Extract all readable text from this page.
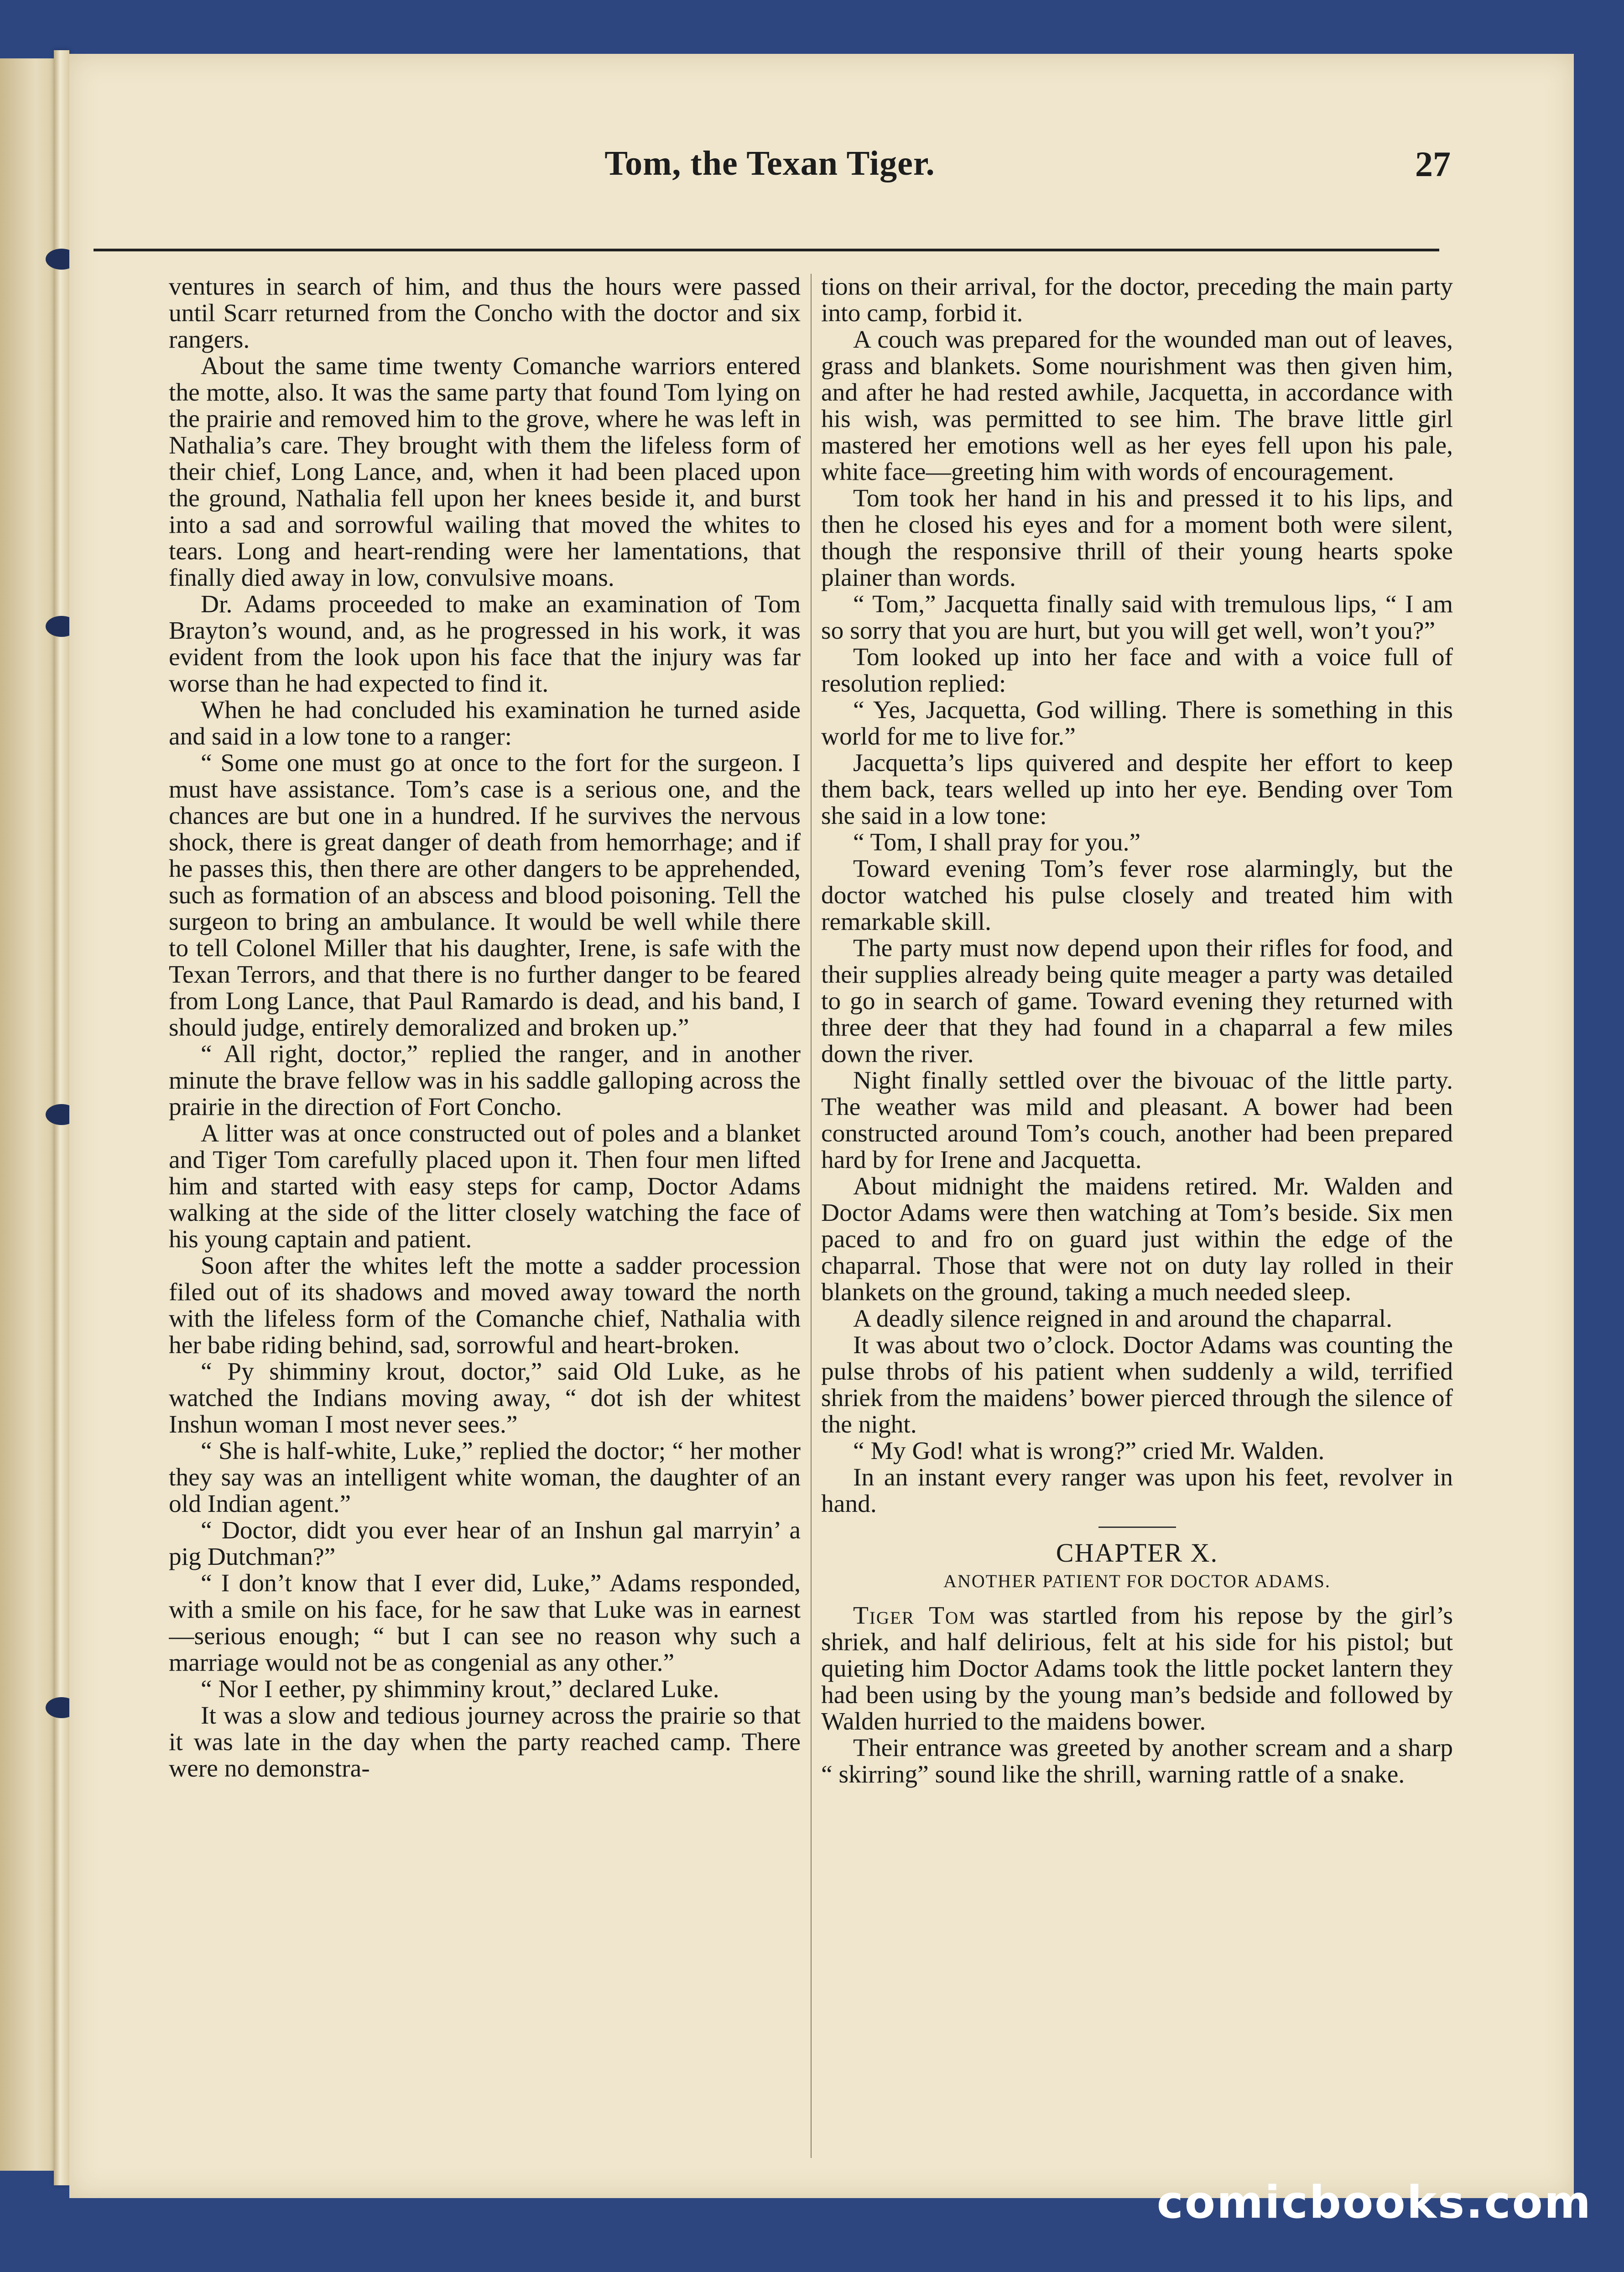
Tom, the Texan Tiger.	27

ventures in search of him, and thus the hours were passed until Scarr returned from the Concho with the doctor and six rangers.

About the same time twenty Comanche warriors entered the motte, also. It was the same party that found Tom lying on the prairie and removed him to the grove, where he was left in Nathalia’s care. They brought with them the lifeless form of their chief, Long Lance, and, when it had been placed upon the ground, Nathalia fell upon her knees beside it, and burst into a sad and sorrowful wailing that moved the whites to tears. Long and heart-rending were her lamentations, that finally died away in low, convulsive moans.

Dr. Adams proceeded to make an examination of Tom Brayton’s wound, and, as he progressed in his work, it was evident from the look upon his face that the injury was far worse than he had expected to find it.

When he had concluded his examination he turned aside and said in a low tone to a ranger:

“ Some one must go at once to the fort for the surgeon. I must have assistance. Tom’s case is a serious one, and the chances are but one in a hundred. If he survives the nervous shock, there is great danger of death from hemorrhage; and if he passes this, then there are other dangers to be apprehended, such as formation of an abscess and blood poisoning. Tell the surgeon to bring an ambulance. It would be well while there to tell Colonel Miller that his daughter, Irene, is safe with the Texan Terrors, and that there is no further danger to be feared from Long Lance, that Paul Ramardo is dead, and his band, I should judge, entirely demoralized and broken up.”

“ All right, doctor,” replied the ranger, and in another minute the brave fellow was in his saddle galloping across the prairie in the direction of Fort Concho.

A litter was at once constructed out of poles and a blanket and Tiger Tom carefully placed upon it. Then four men lifted him and started with easy steps for camp, Doctor Adams walking at the side of the litter closely watching the face of his young captain and patient.

Soon after the whites left the motte a sadder procession filed out of its shadows and moved away toward the north with the lifeless form of the Comanche chief, Nathalia with her babe riding behind, sad, sorrowful and heart-broken.

“ Py shimminy krout, doctor,” said Old Luke, as he watched the Indians moving away, “ dot ish der whitest Inshun woman I most never sees.”

“ She is half-white, Luke,” replied the doctor; “ her mother they say was an intelligent white woman, the daughter of an old Indian agent.”

“ Doctor, didt you ever hear of an Inshun gal marryin’ a pig Dutchman?”

“ I don’t know that I ever did, Luke,” Adams responded, with a smile on his face, for he saw that Luke was in earnest—serious enough; “ but I can see no reason why such a marriage would not be as congenial as any other.”

“ Nor I eether, py shimminy krout,” declared Luke.

It was a slow and tedious journey across the prairie so that it was late in the day when the party reached camp. There were no demonstra-

tions on their arrival, for the doctor, preceding the main party into camp, forbid it.

A couch was prepared for the wounded man out of leaves, grass and blankets. Some nourishment was then given him, and after he had rested awhile, Jacquetta, in accordance with his wish, was permitted to see him. The brave little girl mastered her emotions well as her eyes fell upon his pale, white face—greeting him with words of encouragement.

Tom took her hand in his and pressed it to his lips, and then he closed his eyes and for a moment both were silent, though the responsive thrill of their young hearts spoke plainer than words.

“ Tom,” Jacquetta finally said with tremulous lips, “ I am so sorry that you are hurt, but you will get well, won’t you?”

Tom looked up into her face and with a voice full of resolution replied:

“ Yes, Jacquetta, God willing. There is something in this world for me to live for.”

Jacquetta’s lips quivered and despite her effort to keep them back, tears welled up into her eye. Bending over Tom she said in a low tone:

“ Tom, I shall pray for you.”

Toward evening Tom’s fever rose alarmingly, but the doctor watched his pulse closely and treated him with remarkable skill.

The party must now depend upon their rifles for food, and their supplies already being quite meager a party was detailed to go in search of game. Toward evening they returned with three deer that they had found in a chaparral a few miles down the river.

Night finally settled over the bivouac of the little party. The weather was mild and pleasant. A bower had been constructed around Tom’s couch, another had been prepared hard by for Irene and Jacquetta.

About midnight the maidens retired. Mr. Walden and Doctor Adams were then watching at Tom’s beside. Six men paced to and fro on guard just within the edge of the chaparral. Those that were not on duty lay rolled in their blankets on the ground, taking a much needed sleep.

A deadly silence reigned in and around the chaparral.

It was about two o’clock. Doctor Adams was counting the pulse throbs of his patient when suddenly a wild, terrified shriek from the maidens’ bower pierced through the silence of the night.

“ My God! what is wrong?” cried Mr. Walden.

In an instant every ranger was upon his feet, revolver in hand.

CHAPTER X.
ANOTHER PATIENT FOR DOCTOR ADAMS.

Tiger Tom was startled from his repose by the girl’s shriek, and half delirious, felt at his side for his pistol; but quieting him Doctor Adams took the little pocket lantern they had been using by the young man’s bedside and followed by Walden hurried to the maidens bower.

Their entrance was greeted by another scream and a sharp “ skirring” sound like the shrill, warning rattle of a snake.

comicbooks.com
